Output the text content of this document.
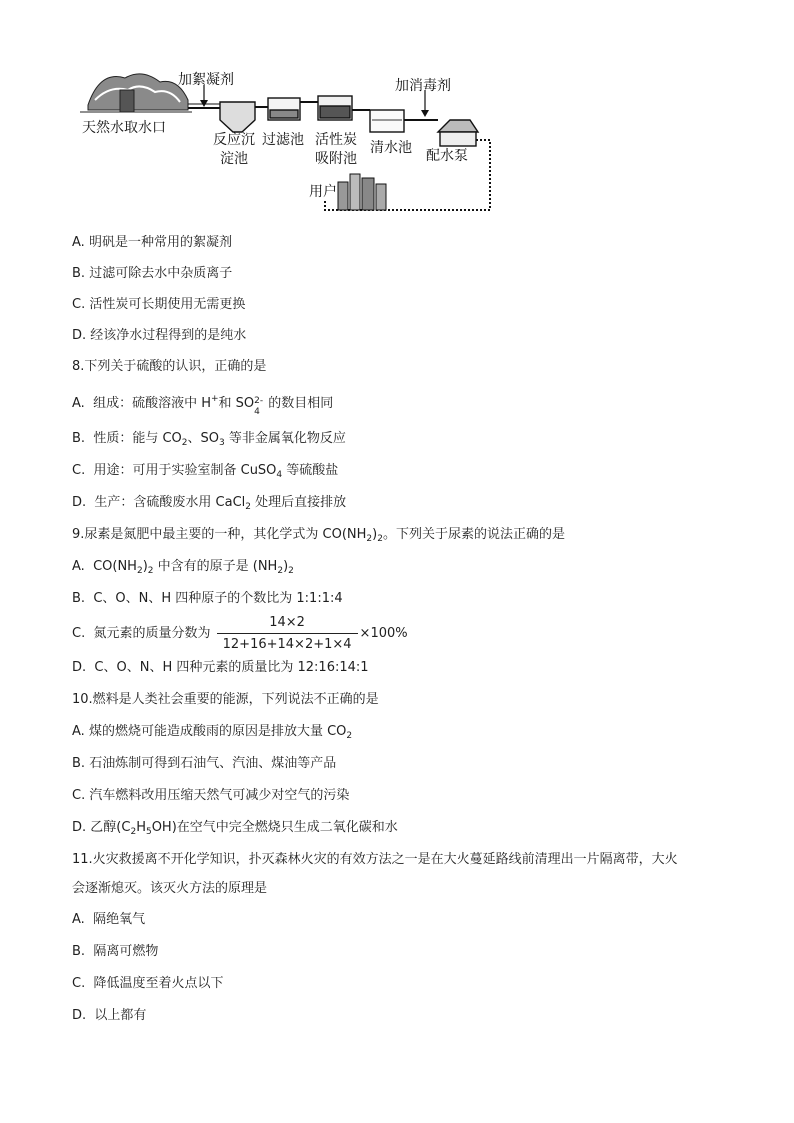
加絮凝剂
天然水取水口
反应沉
淀池
过滤池 活性炭
吸附池
清水池
加消毒剂
配水泵
用户
A. 明矾是一种常用的絮凝剂
B. 过滤可除去水中杂质离子
C. 活性炭可长期使用无需更换
D. 经该净水过程得到的是纯水
8.下列关于硫酸的认识，正确的是
A. 组成：硫酸溶液中 H+和 SO 2-
4
的数目相同
B. 性质：能与 $CO_2$、$SO_3$ 等非金属氧化物反应
C. 用途：可用于实验室制备 CuSO$_4$ 等硫酸盐
D. 生产：含硫酸废水用 CaCl$_2$ 处理后直接排放
9.尿素是氮肥中最主要的一种，其化学式为 $CO(NH_2)_2$。下列关于尿素的说法正确的是
A. $CO(NH_2)_2$ 中含有的原子是 $(NH_2)_2$
B. C、O、N、H 四种原子的个数比为 1:1:1:4
C. 氮元素的质量分数为 $\frac{14\times 2}{12+16+14\times 2+1\times 4} \times 100\%$
D. C、O、N、H 四种元素的质量比为 12:16:14:1
10.燃料是人类社会重要的能源，下列说法不正确的是
A. 煤的燃烧可能造成酸雨的原因是排放大量 $CO_2$
B. 石油炼制可得到石油气、汽油、煤油等产品
C. 汽车燃料改用压缩天然气可减少对空气的污染
D. 乙醇$(C_2H_5OH)$在空气中完全燃烧只生成二氧化碳和水
11.火灾救援离不开化学知识，扑灭森林火灾的有效方法之一是在大火蔓延路线前清理出一片隔离带，大火
会逐渐熄灭。该灭火方法的原理是
A. 隔绝氧气
B. 隔离可燃物
C. 降低温度至着火点以下
D. 以上都有
